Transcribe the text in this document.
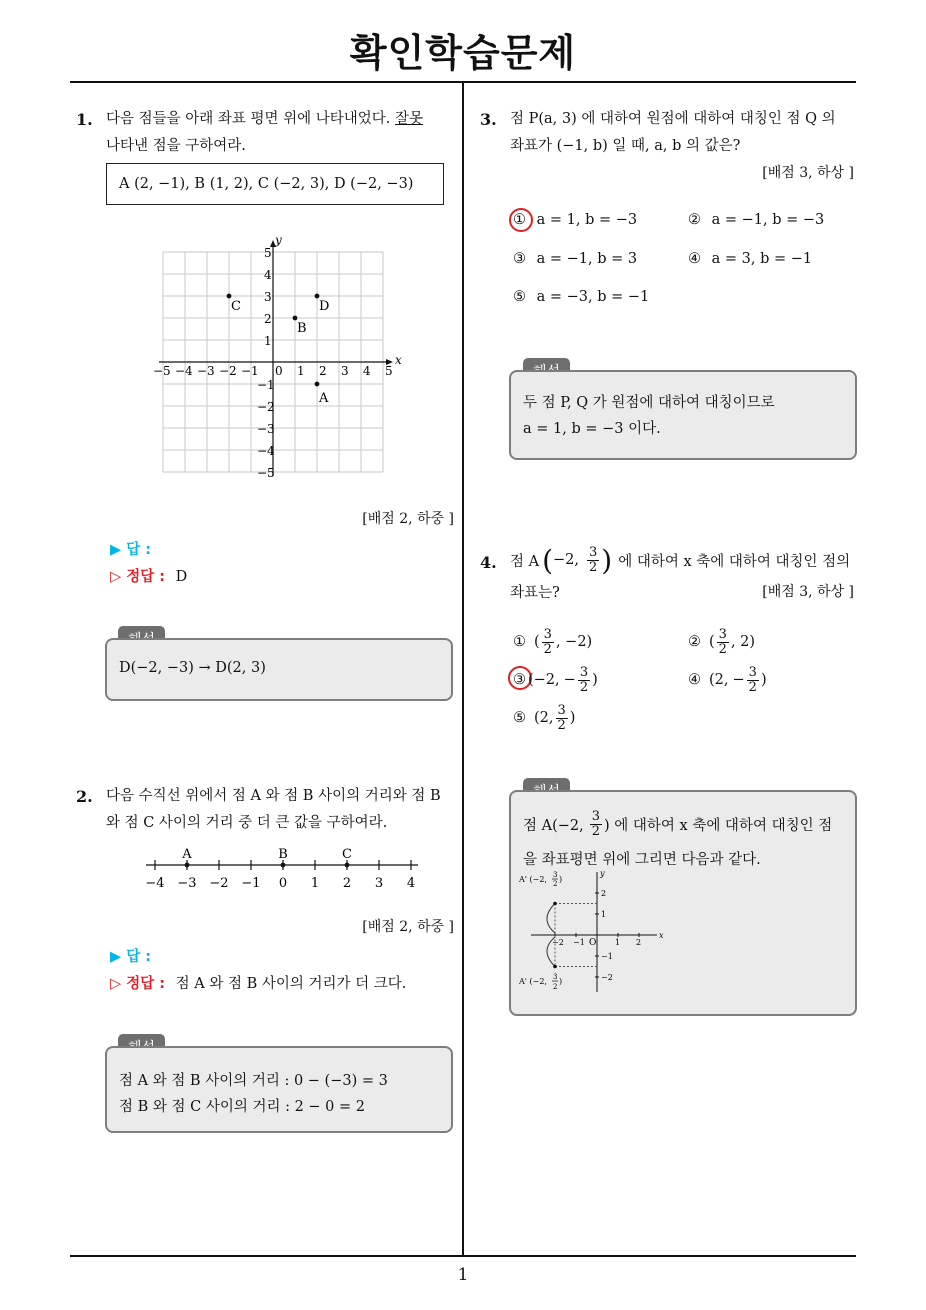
확인학습문제
1
1. 다음 점들을 아래 좌표 평면 위에 나타내었다. 잘못
나타낸 점을 구하여라.
A (2, −1), B (1, 2), C (−2, 3), D (−2, −3)
x
y
−5 −4 −3 −2 −1 0 1 2 3 4 5
5
4
3
2
1
−1
−2
−3
−4
−5
C	D
B
A
[배점 2, 하중 ]
▶ 답 :
▷ 정답 : D
D(−2, −3) → D(2, 3)
2. 다음 수직선 위에서 점 A 와 점 B 사이의 거리와 점 B
와 점 C 사이의 거리 중 더 큰 값을 구하여라.
−4 −3 −2 −1 0 1 2 3 4
A	B	C
[배점 2, 하중 ]
▶ 답 :
▷ 정답 : 점 A 와 점 B 사이의 거리가 더 크다.
점 A 와 점 B 사이의 거리 : 0 − (−3) = 3
점 B 와 점 C 사이의 거리 : 2 − 0 = 2
3. 점 P(a, 3) 에 대하여 원점에 대하여 대칭인 점 Q 의
좌표가 (−1, b) 일 때, a, b 의 값은?
[배점 3, 하상 ]
① a = 1, b = −3	② a = −1, b = −3
③ a = −1, b = 3	④ a = 3, b = −1
⑤ a = −3, b = −1
두 점 P, Q 가 원점에 대하여 대칭이므로
a = 1, b = −3 이다.
4. 점 A ( −2, $\frac{3}{2}$ ) 에 대하여 x 축에 대하여 대칭인 점의
좌표는?	[배점 3, 하상 ]
① ( $\frac{3}{2}$ , −2)	② ( $\frac{3}{2}$ , 2)
③ (−2, − $\frac{3}{2}$ )	④ (2, − $\frac{3}{2}$ )
⑤ (2, $\frac{3}{2}$ )
점 A(−2, $\frac{3}{2}$ ) 에 대하여 x 축에 대하여 대칭인 점
을 좌표평면 위에 그리면 다음과 같다.
x
y
O
−2 −1	1 2
2
1
−1
−2
A' (−2, 3
2 )
A' (−2, 3
2
)
